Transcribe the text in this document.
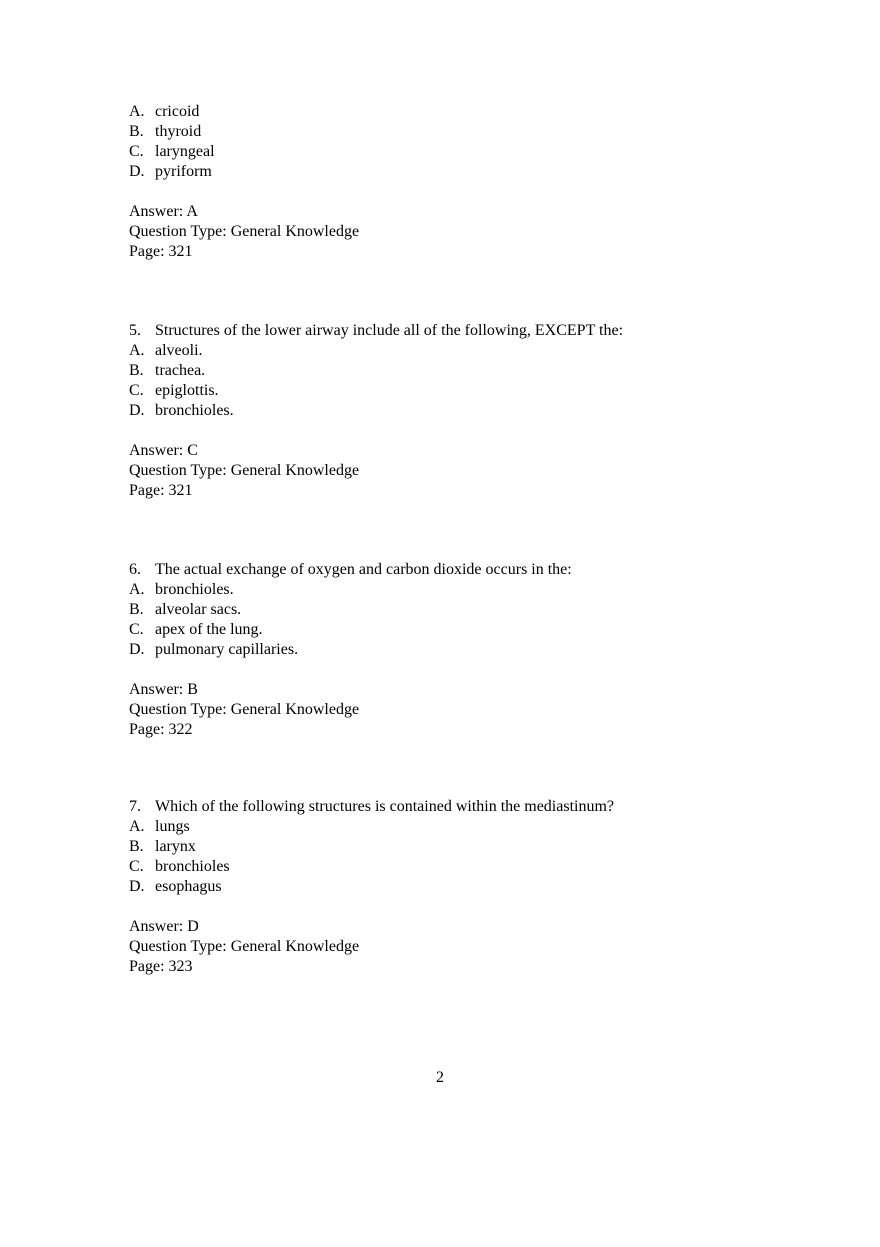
A. cricoid
B. thyroid
C. laryngeal
D. pyriform
Answer: A
Question Type: General Knowledge
Page: 321
5. Structures of the lower airway include all of the following, EXCEPT the:
A. alveoli.
B. trachea.
C. epiglottis.
D. bronchioles.
Answer: C
Question Type: General Knowledge
Page: 321
6. The actual exchange of oxygen and carbon dioxide occurs in the:
A. bronchioles.
B. alveolar sacs.
C. apex of the lung.
D. pulmonary capillaries.
Answer: B
Question Type: General Knowledge
Page: 322
7. Which of the following structures is contained within the mediastinum?
A. lungs
B. larynx
C. bronchioles
D. esophagus
Answer: D
Question Type: General Knowledge
Page: 323
2
